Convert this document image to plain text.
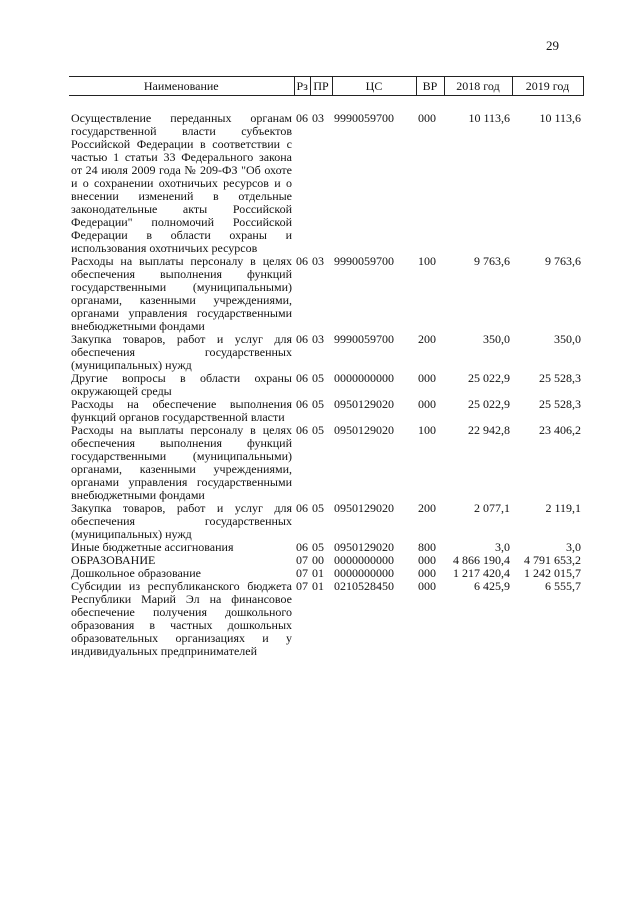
29
Наименование	Рз	ПР	ЦС	ВР	2018 год	2019 год
Осуществление переданных органам государственной власти субъектов Российской Федерации в соответствии с частью 1 статьи 33 Федерального закона от 24 июля 2009 года № 209-ФЗ "Об охоте и о сохранении охотничьих ресурсов и о внесении изменений в отдельные законодательные акты Российской Федерации" полномочий Российской Федерации в области охраны и использования охотничьих ресурсов	06	03	9990059700	000	10 113,6	10 113,6
Расходы на выплаты персоналу в целях обеспечения выполнения функций государственными (муниципальными) органами, казенными учреждениями, органами управления государственными внебюджетными фондами	06	03	9990059700	100	9 763,6	9 763,6
Закупка товаров, работ и услуг для обеспечения государственных (муниципальных) нужд	06	03	9990059700	200	350,0	350,0
Другие вопросы в области охраны окружающей среды	06	05	0000000000	000	25 022,9	25 528,3
Расходы на обеспечение выполнения функций органов государственной власти	06	05	0950129020	000	25 022,9	25 528,3
Расходы на выплаты персоналу в целях обеспечения выполнения функций государственными (муниципальными) органами, казенными учреждениями, органами управления государственными внебюджетными фондами	06	05	0950129020	100	22 942,8	23 406,2
Закупка товаров, работ и услуг для обеспечения государственных (муниципальных) нужд	06	05	0950129020	200	2 077,1	2 119,1
Иные бюджетные ассигнования	06	05	0950129020	800	3,0	3,0
ОБРАЗОВАНИЕ	07	00	0000000000	000	4 866 190,4	4 791 653,2
Дошкольное образование	07	01	0000000000	000	1 217 420,4	1 242 015,7
Субсидии из республиканского бюджета Республики Марий Эл на финансовое обеспечение получения дошкольного образования в частных дошкольных образовательных организациях и у индивидуальных предпринимателей	07	01	0210528450	000	6 425,9	6 555,7
